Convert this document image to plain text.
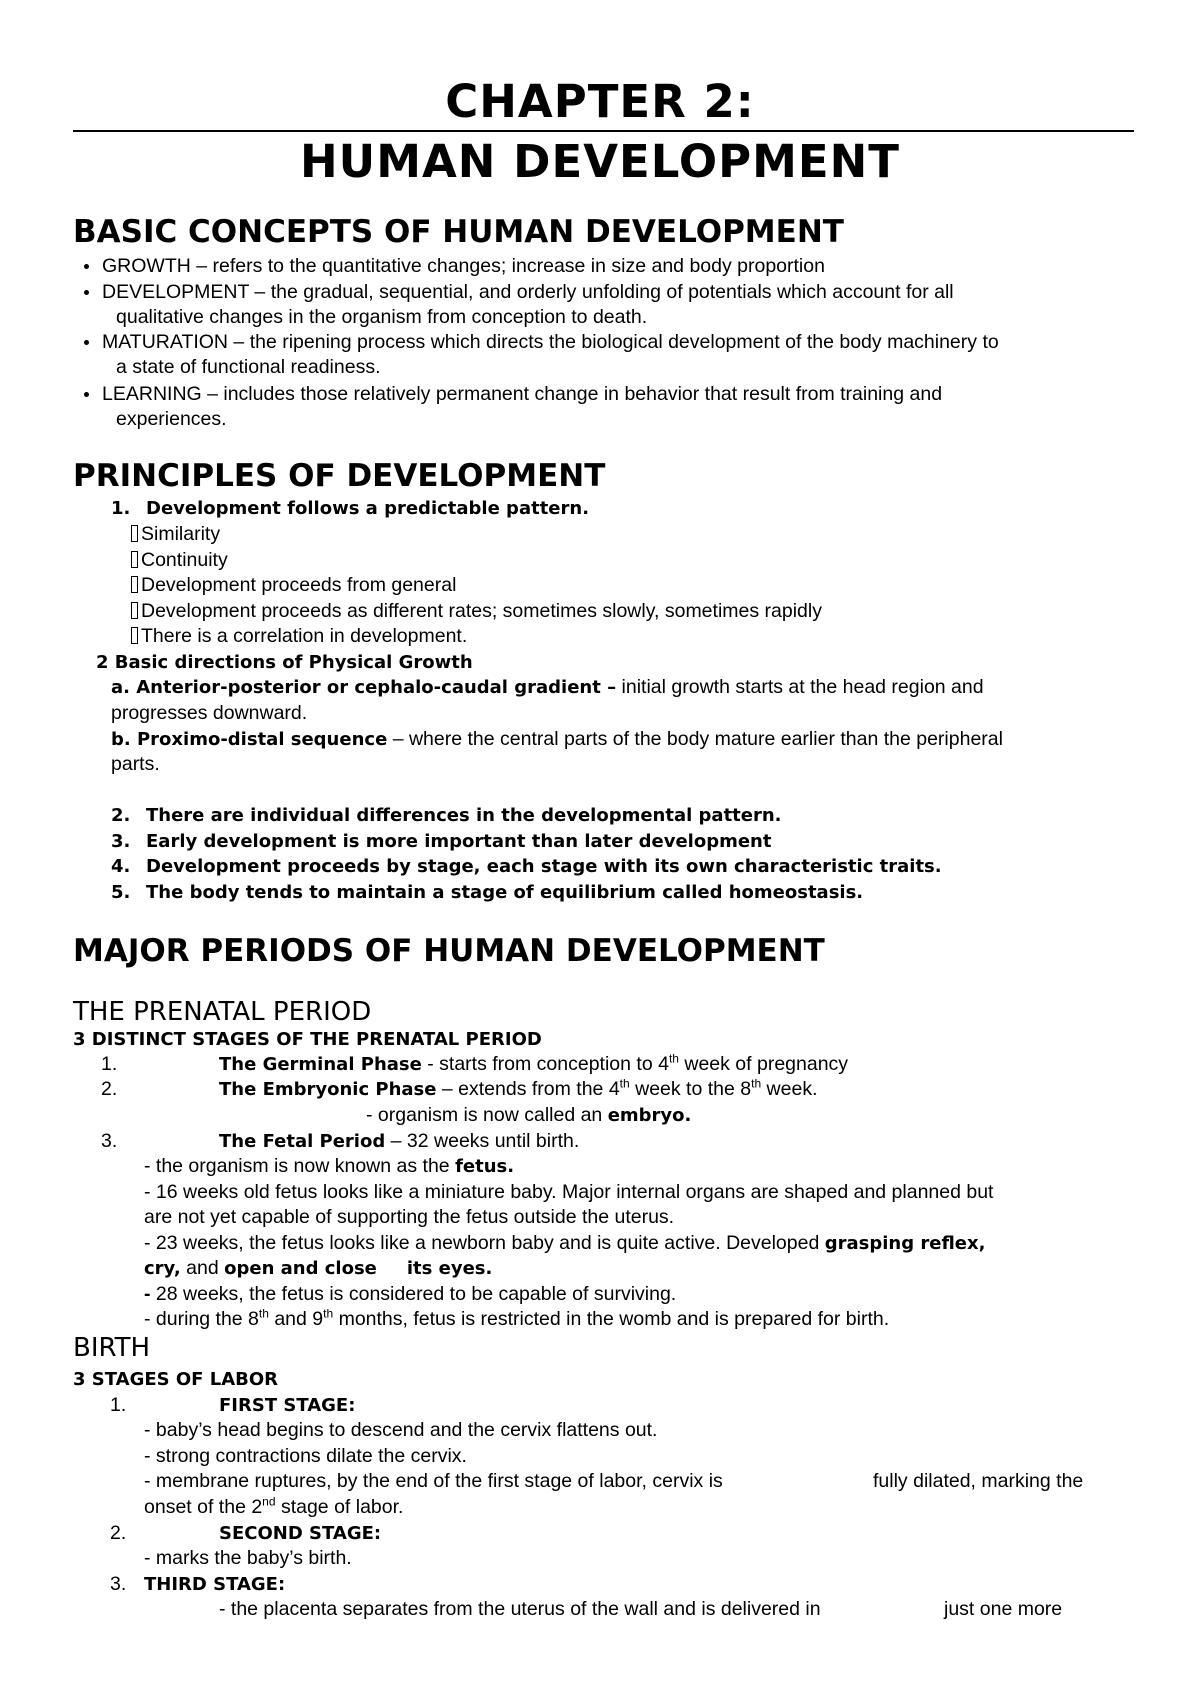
CHAPTER 2:
HUMAN DEVELOPMENT
BASIC CONCEPTS OF HUMAN DEVELOPMENT
GROWTH – refers to the quantitative changes; increase in size and body proportion
DEVELOPMENT – the gradual, sequential, and orderly unfolding of potentials which account for all
qualitative changes in the organism from conception to death.
MATURATION – the ripening process which directs the biological development of the body machinery to
a state of functional readiness.
LEARNING – includes those relatively permanent change in behavior that result from training and
experiences.
PRINCIPLES OF DEVELOPMENT
1. Development follows a predictable pattern.
Similarity
Continuity
Development proceeds from general
Development proceeds as different rates; sometimes slowly, sometimes rapidly
There is a correlation in development.
2 Basic directions of Physical Growth
a. Anterior-posterior or cephalo-caudal gradient – initial growth starts at the head region and
progresses downward.
b. Proximo-distal sequence – where the central parts of the body mature earlier than the peripheral
parts.
2. There are individual differences in the developmental pattern.
3. Early development is more important than later development
4. Development proceeds by stage, each stage with its own characteristic traits.
5. The body tends to maintain a stage of equilibrium called homeostasis.
MAJOR PERIODS OF HUMAN DEVELOPMENT
THE PRENATAL PERIOD
3 DISTINCT STAGES OF THE PRENATAL PERIOD
1.	The Germinal Phase - starts from conception to 4th week of pregnancy
2.	The Embryonic Phase – extends from the 4th week to the 8th week.
- organism is now called an embryo.
3.	The Fetal Period – 32 weeks until birth.
- the organism is now known as the fetus.
- 16 weeks old fetus looks like a miniature baby. Major internal organs are shaped and planned but
are not yet capable of supporting the fetus outside the uterus.
- 23 weeks, the fetus looks like a newborn baby and is quite active. Developed grasping reflex,
cry, and open and close its eyes.
- 28 weeks, the fetus is considered to be capable of surviving.
- during the 8th and 9th months, fetus is restricted in the womb and is prepared for birth.
BIRTH
3 STAGES OF LABOR
1.	FIRST STAGE:
- baby’s head begins to descend and the cervix flattens out.
- strong contractions dilate the cervix.
- membrane ruptures, by the end of the first stage of labor, cervix is	fully dilated, marking the
onset of the 2nd stage of labor.
2.	SECOND STAGE:
- marks the baby’s birth.
3. THIRD STAGE:
- the placenta separates from the uterus of the wall and is delivered in	just one more
